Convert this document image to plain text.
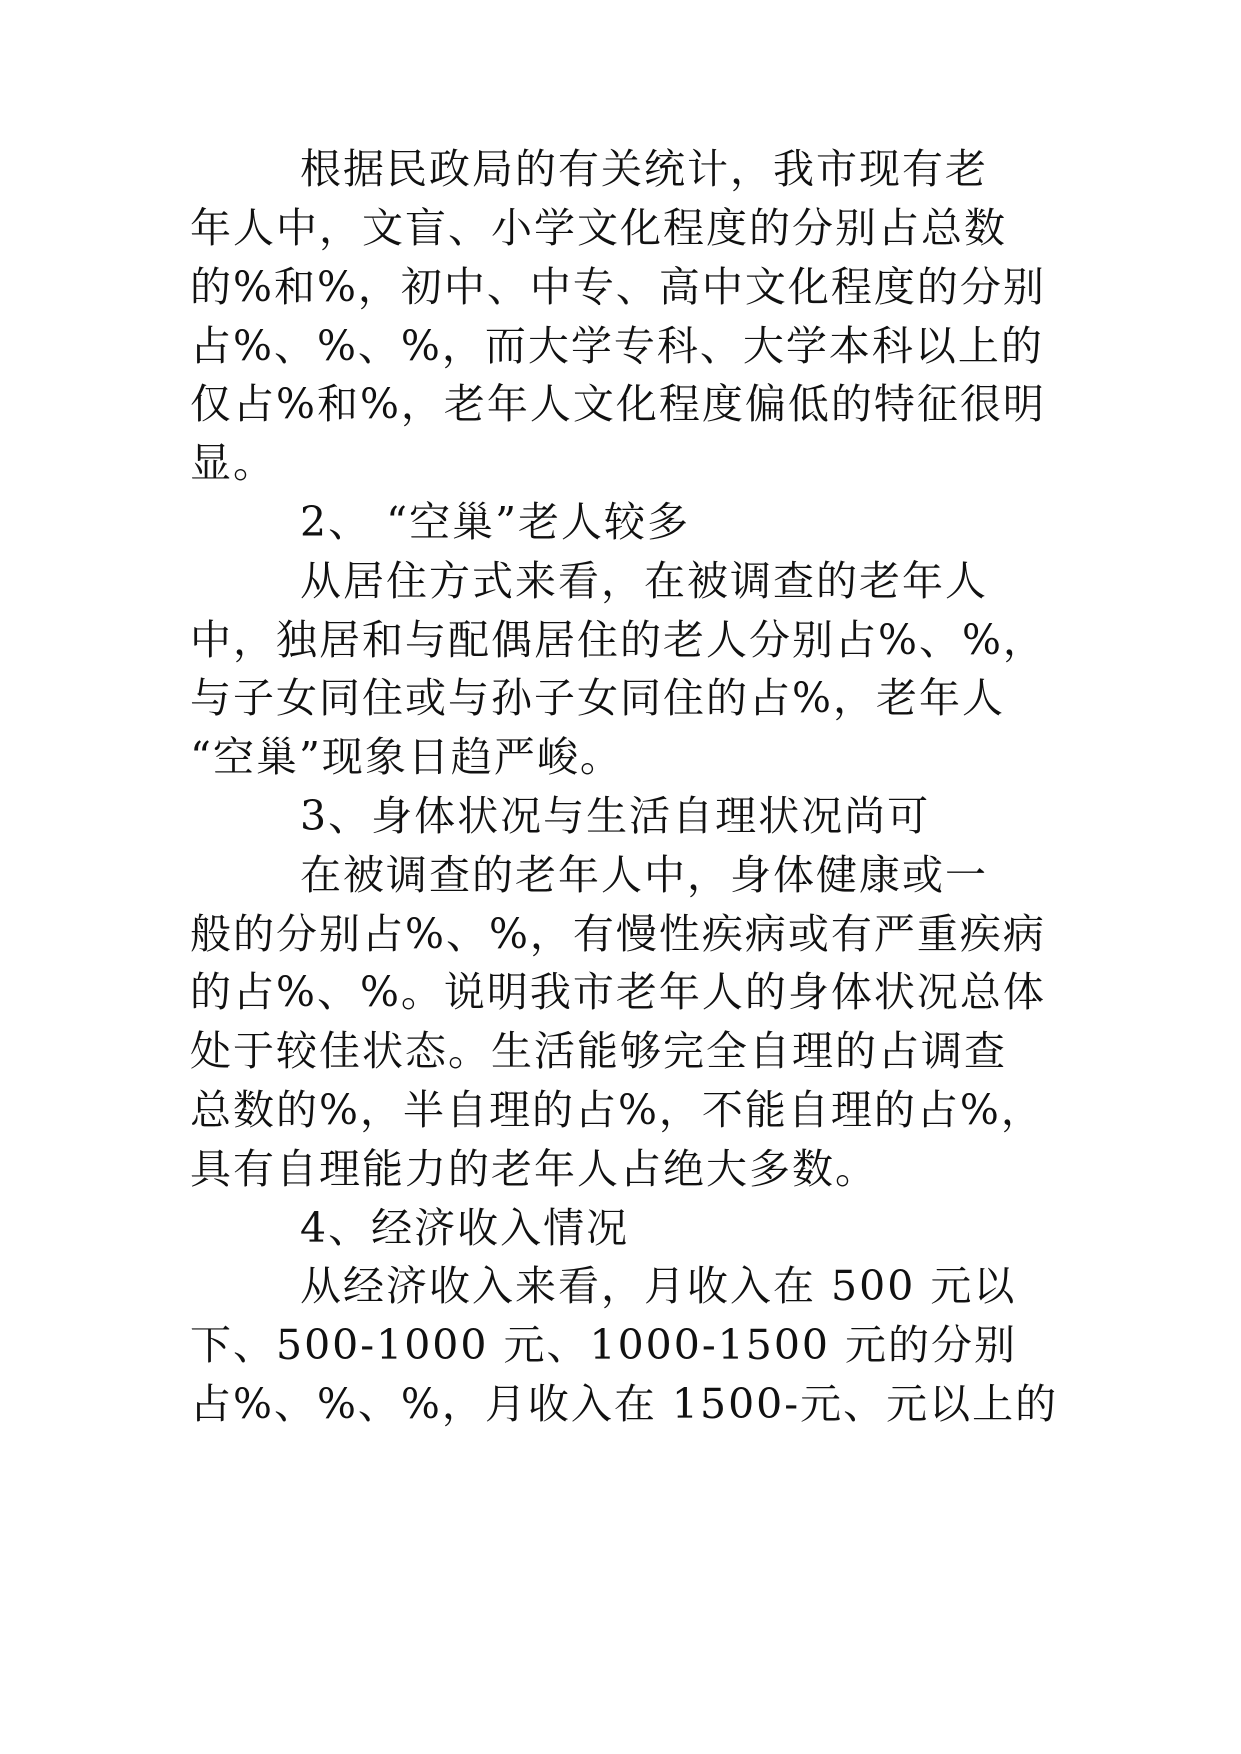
根据民政局的有关统计，我市现有老
年人中，文盲、小学文化程度的分别占总数
的%和%，初中、中专、高中文化程度的分别
占%、%、%，而大学专科、大学本科以上的
仅占%和%，老年人文化程度偏低的特征很明
显。
2、 “空巢”老人较多
从居住方式来看，在被调查的老年人
中，独居和与配偶居住的老人分别占%、%，
与子女同住或与孙子女同住的占%，老年人
“空巢”现象日趋严峻。
3、身体状况与生活自理状况尚可
在被调查的老年人中，身体健康或一
般的分别占%、%，有慢性疾病或有严重疾病
的占%、%。说明我市老年人的身体状况总体
处于较佳状态。生活能够完全自理的占调查
总数的%，半自理的占%，不能自理的占%，
具有自理能力的老年人占绝大多数。
4、经济收入情况
从经济收入来看，月收入在 500 元以
下、500-1000 元、1000-1500 元的分别
占%、%、%，月收入在 1500-元、元以上的
